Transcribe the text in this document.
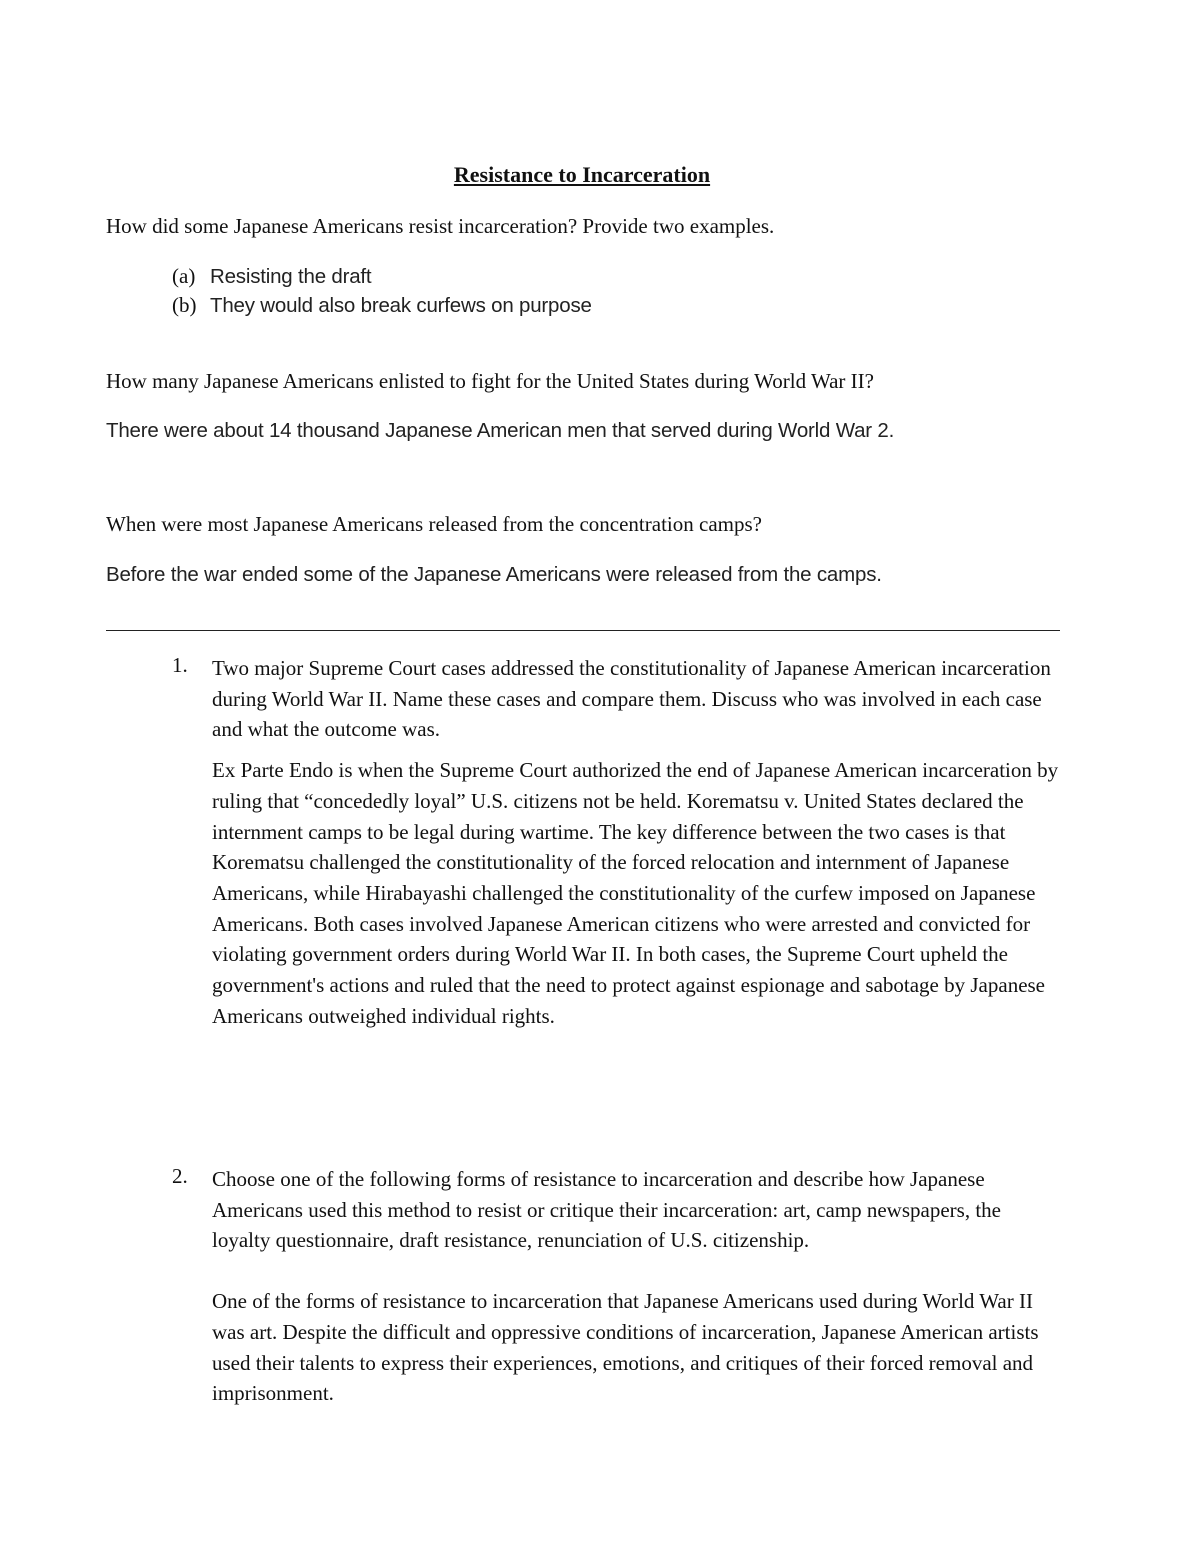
Resistance to Incarceration
How did some Japanese Americans resist incarceration? Provide two examples.
(a) Resisting the draft
(b) They would also break curfews on purpose
How many Japanese Americans enlisted to fight for the United States during World War II?
There were about 14 thousand Japanese American men that served during World War 2.
When were most Japanese Americans released from the concentration camps?
Before the war ended some of the Japanese Americans were released from the camps.
1. Two major Supreme Court cases addressed the constitutionality of Japanese American incarceration during World War II. Name these cases and compare them. Discuss who was involved in each case and what the outcome was.
Ex Parte Endo is when the Supreme Court authorized the end of Japanese American incarceration by ruling that “concededly loyal” U.S. citizens not be held. Korematsu v. United States declared the internment camps to be legal during wartime. The key difference between the two cases is that Korematsu challenged the constitutionality of the forced relocation and internment of Japanese Americans, while Hirabayashi challenged the constitutionality of the curfew imposed on Japanese Americans. Both cases involved Japanese American citizens who were arrested and convicted for violating government orders during World War II. In both cases, the Supreme Court upheld the government's actions and ruled that the need to protect against espionage and sabotage by Japanese Americans outweighed individual rights.
2. Choose one of the following forms of resistance to incarceration and describe how Japanese Americans used this method to resist or critique their incarceration: art, camp newspapers, the loyalty questionnaire, draft resistance, renunciation of U.S. citizenship.
One of the forms of resistance to incarceration that Japanese Americans used during World War II was art. Despite the difficult and oppressive conditions of incarceration, Japanese American artists used their talents to express their experiences, emotions, and critiques of their forced removal and imprisonment.
